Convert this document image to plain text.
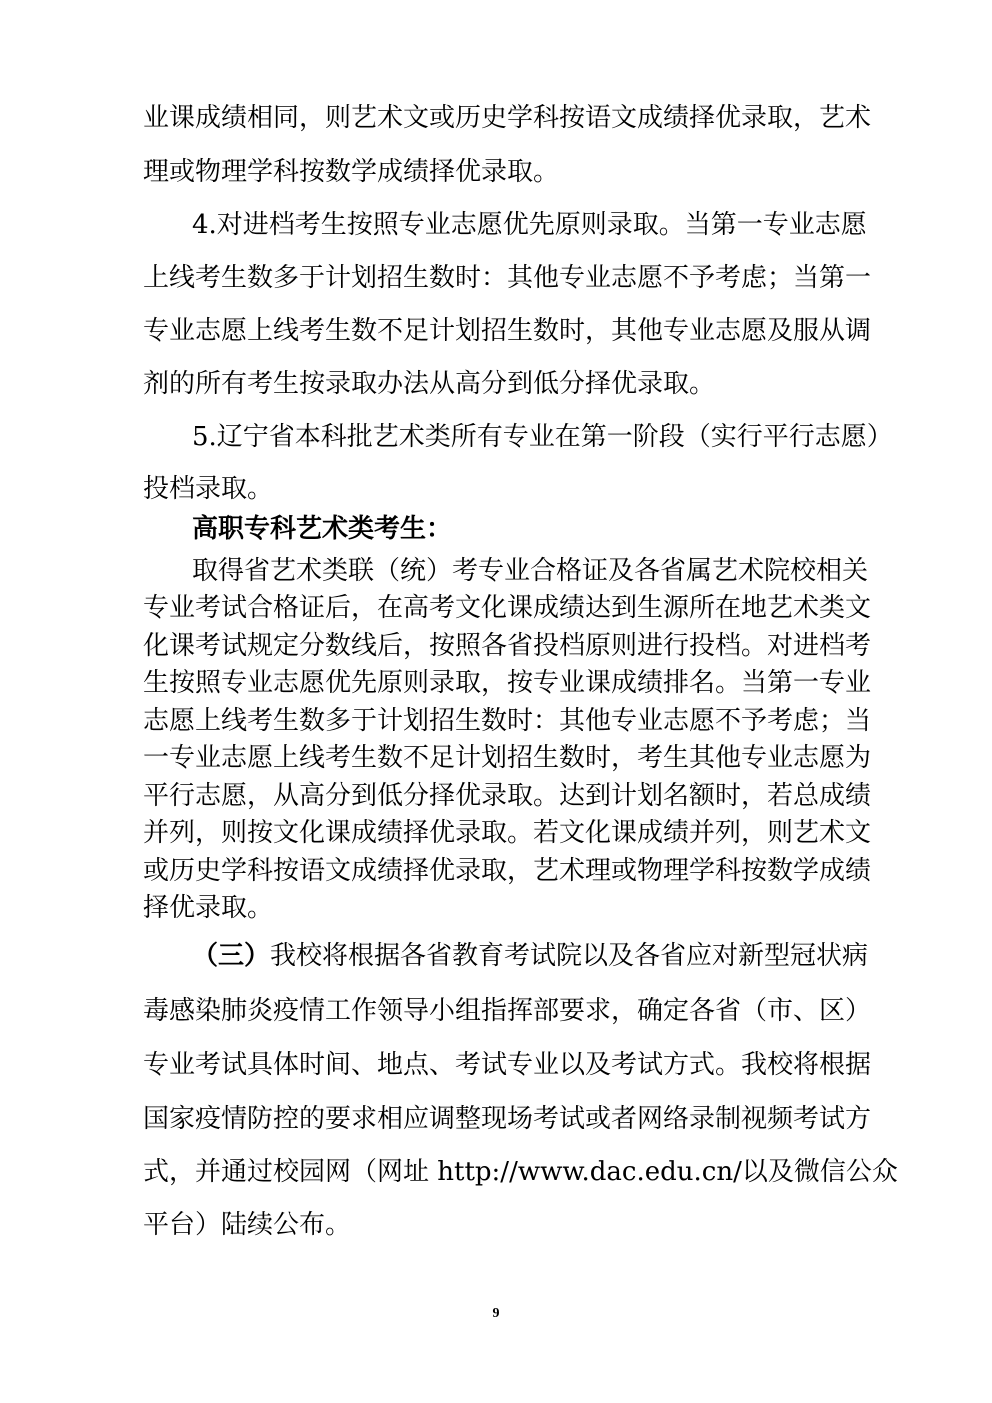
业课成绩相同，则艺术文或历史学科按语文成绩择优录取，艺术
理或物理学科按数学成绩择优录取。
4.对进档考生按照专业志愿优先原则录取。当第一专业志愿
上线考生数多于计划招生数时：其他专业志愿不予考虑；当第一
专业志愿上线考生数不足计划招生数时，其他专业志愿及服从调
剂的所有考生按录取办法从高分到低分择优录取。
5.辽宁省本科批艺术类所有专业在第一阶段（实行平行志愿）
投档录取。
高职专科艺术类考生：
取得省艺术类联（统）考专业合格证及各省属艺术院校相关
专业考试合格证后，在高考文化课成绩达到生源所在地艺术类文
化课考试规定分数线后，按照各省投档原则进行投档。对进档考
生按照专业志愿优先原则录取，按专业课成绩排名。当第一专业
志愿上线考生数多于计划招生数时：其他专业志愿不予考虑；当
一专业志愿上线考生数不足计划招生数时，考生其他专业志愿为
平行志愿，从高分到低分择优录取。达到计划名额时，若总成绩
并列，则按文化课成绩择优录取。若文化课成绩并列，则艺术文
或历史学科按语文成绩择优录取，艺术理或物理学科按数学成绩
择优录取。
（三）我校将根据各省教育考试院以及各省应对新型冠状病
毒感染肺炎疫情工作领导小组指挥部要求，确定各省（市、区）
专业考试具体时间、地点、考试专业以及考试方式。我校将根据
国家疫情防控的要求相应调整现场考试或者网络录制视频考试方
式，并通过校园网（网址 http://www.dac.edu.cn/以及微信公众
平台）陆续公布。
9
